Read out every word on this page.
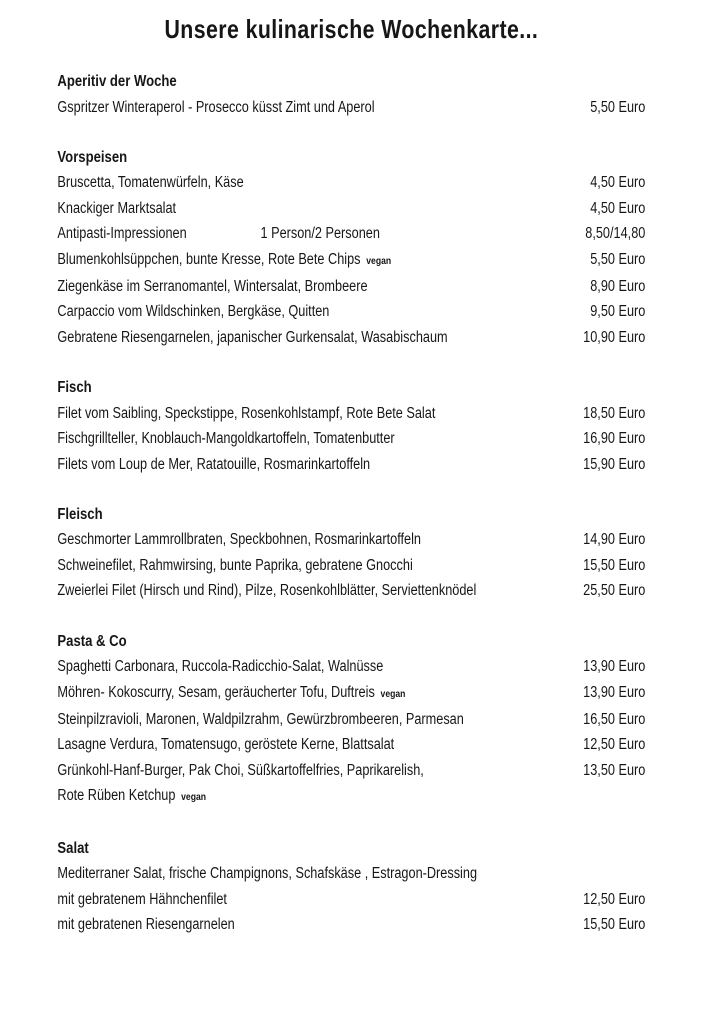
Unsere kulinarische Wochenkarte...
Aperitiv der Woche
Gspritzer Winteraperol - Prosecco küsst Zimt und Aperol	5,50 Euro
Vorspeisen
Bruscetta, Tomatenwürfeln, Käse	4,50 Euro
Knackiger Marktsalat	4,50 Euro
Antipasti-Impressionen	1 Person/2 Personen	8,50/14,80
Blumenkohlsüppchen, bunte Kresse, Rote Bete Chips vegan	5,50 Euro
Ziegenkäse im Serranomantel, Wintersalat, Brombeere	8,90 Euro
Carpaccio vom Wildschinken, Bergkäse, Quitten	9,50 Euro
Gebratene Riesengarnelen, japanischer Gurkensalat, Wasabischaum	10,90 Euro
Fisch
Filet vom Saibling, Speckstippe, Rosenkohlstampf, Rote Bete Salat	18,50 Euro
Fischgrillteller, Knoblauch-Mangoldkartoffeln, Tomatenbutter	16,90 Euro
Filets vom Loup de Mer, Ratatouille, Rosmarinkartoffeln	15,90 Euro
Fleisch
Geschmorter Lammrollbraten, Speckbohnen, Rosmarinkartoffeln	14,90 Euro
Schweinefilet, Rahmwirsing, bunte Paprika, gebratene Gnocchi	15,50 Euro
Zweierlei Filet (Hirsch und Rind), Pilze, Rosenkohlblätter, Serviettenknödel	25,50 Euro
Pasta & Co
Spaghetti Carbonara, Ruccola-Radicchio-Salat, Walnüsse	13,90 Euro
Möhren- Kokoscurry, Sesam, geräucherter Tofu, Duftreis vegan	13,90 Euro
Steinpilzravioli, Maronen, Waldpilzrahm, Gewürzbrombeeren, Parmesan	16,50 Euro
Lasagne Verdura, Tomatensugo, geröstete Kerne, Blattsalat	12,50 Euro
Grünkohl-Hanf-Burger, Pak Choi, Süßkartoffelfries, Paprikarelish,	13,50 Euro
Rote Rüben Ketchup vegan
Salat
Mediterraner Salat, frische Champignons, Schafskäse , Estragon-Dressing
mit gebratenem Hähnchenfilet	12,50 Euro
mit gebratenen Riesengarnelen	15,50 Euro
